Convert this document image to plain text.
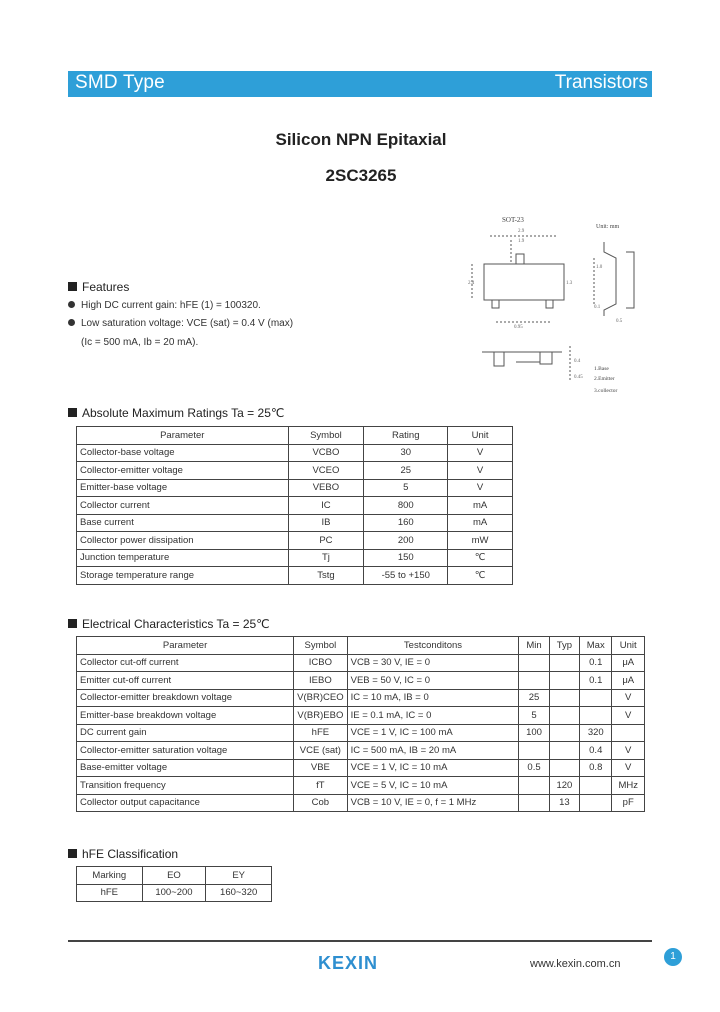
SMD Type	Transistors
Silicon NPN Epitaxial
2SC3265
2.9
1.9
2.4	1.3
0.95
1.0
0.1
0.5
0.4
0.45
SOT-23
Unit: mm
1.Base
2.Emitter
3.collector
Features
High DC current gain: hFE (1) = 100320.
Low saturation voltage: VCE (sat) = 0.4 V (max)
(Ic = 500 mA, Ib = 20 mA).
Absolute Maximum Ratings Ta = 25℃
Parameter	Symbol	Rating	Unit
Collector-base voltage	VCBO	30	V
Collector-emitter voltage	VCEO	25	V
Emitter-base voltage	VEBO	5	V
Collector current	IC	800	mA
Base current	IB	160	mA
Collector power dissipation	PC	200	mW
Junction temperature	Tj	150	℃
Storage temperature range	Tstg	-55 to +150	℃
Electrical Characteristics Ta = 25℃
Parameter	Symbol	Testconditons	Min	Typ	Max	Unit
Collector cut-off current	ICBO	VCB = 30 V, IE = 0			0.1	μA
Emitter cut-off current	IEBO	VEB = 50 V, IC = 0			0.1	μA
Collector-emitter breakdown voltage	V(BR)CEO	IC = 10 mA, IB = 0	25			V
Emitter-base breakdown voltage	V(BR)EBO	IE = 0.1 mA, IC = 0	5			V
DC current gain	hFE	VCE = 1 V, IC = 100 mA	100		320	
Collector-emitter saturation voltage	VCE (sat)	IC = 500 mA, IB = 20 mA			0.4	V
Base-emitter voltage	VBE	VCE = 1 V, IC = 10 mA	0.5		0.8	V
Transition frequency	fT	VCE = 5 V, IC = 10 mA		120		MHz
Collector output capacitance	Cob	VCB = 10 V, IE = 0, f = 1 MHz		13		pF
hFE Classification
Marking	EO	EY
hFE	100~200	160~320
KEXIN	www.kexin.com.cn
1
